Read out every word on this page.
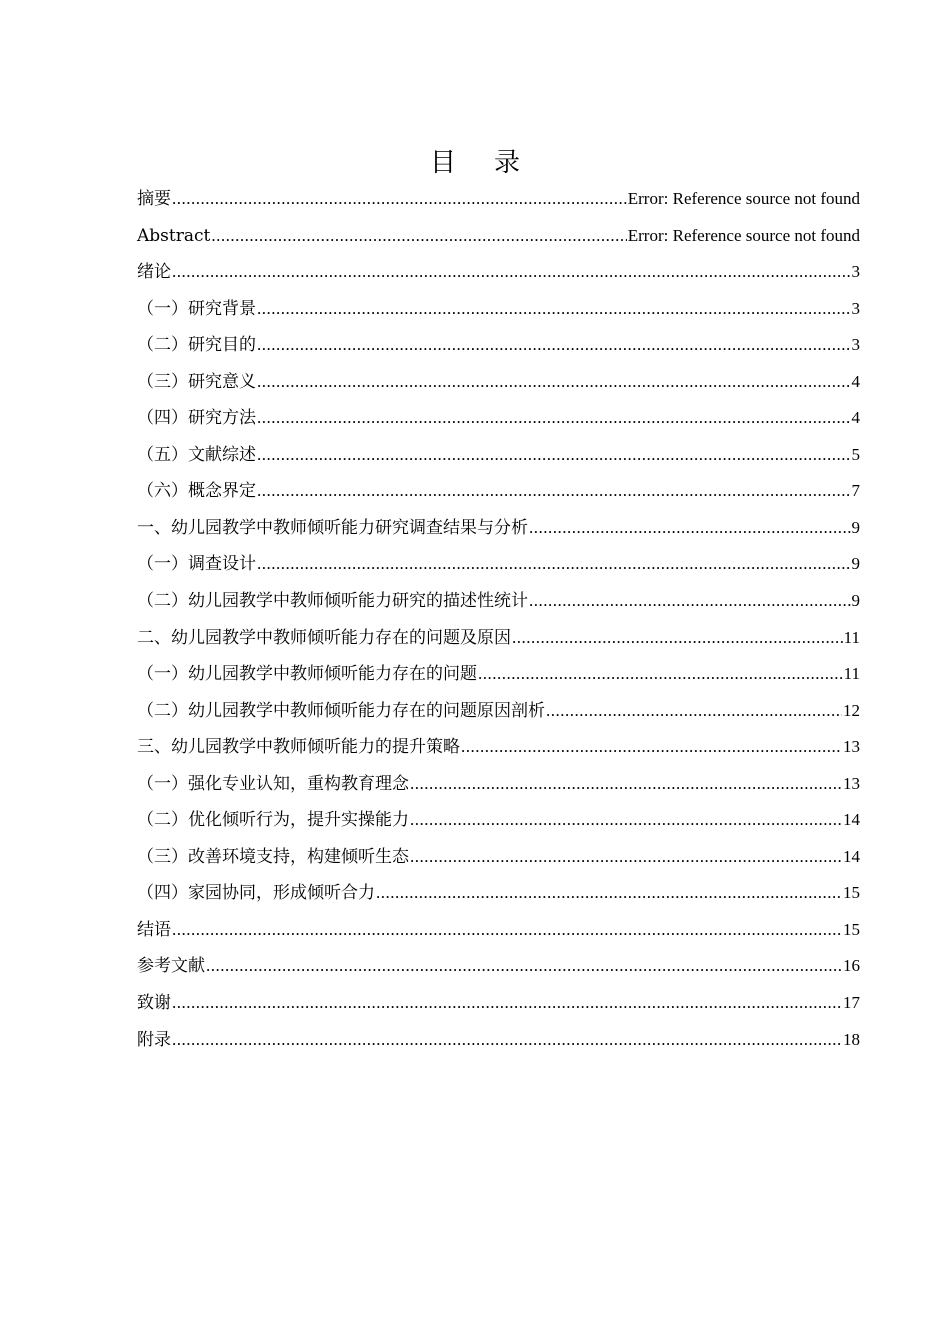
目 录
摘要 .....	Error: Reference source not found
Abstract .....	Error: Reference source not found
绪论 .....	3
（一）研究背景 .....	3
（二）研究目的 .....	3
（三）研究意义 .....	4
（四）研究方法 .....	4
（五）文献综述 .....	5
（六）概念界定 .....	7
一、幼儿园教学中教师倾听能力研究调查结果与分析 .....	9
（一）调查设计 .....	9
（二）幼儿园教学中教师倾听能力研究的描述性统计 .....	9
二、幼儿园教学中教师倾听能力存在的问题及原因 .....	11
（一）幼儿园教学中教师倾听能力存在的问题 .....	11
（二）幼儿园教学中教师倾听能力存在的问题原因剖析 .....	12
三、幼儿园教学中教师倾听能力的提升策略 .....	13
（一）强化专业认知，重构教育理念 .....	13
（二）优化倾听行为，提升实操能力 .....	14
（三）改善环境支持，构建倾听生态 .....	14
（四）家园协同，形成倾听合力 .....	15
结语 .....	15
参考文献 .....	16
致谢 .....	17
附录 .....	18
